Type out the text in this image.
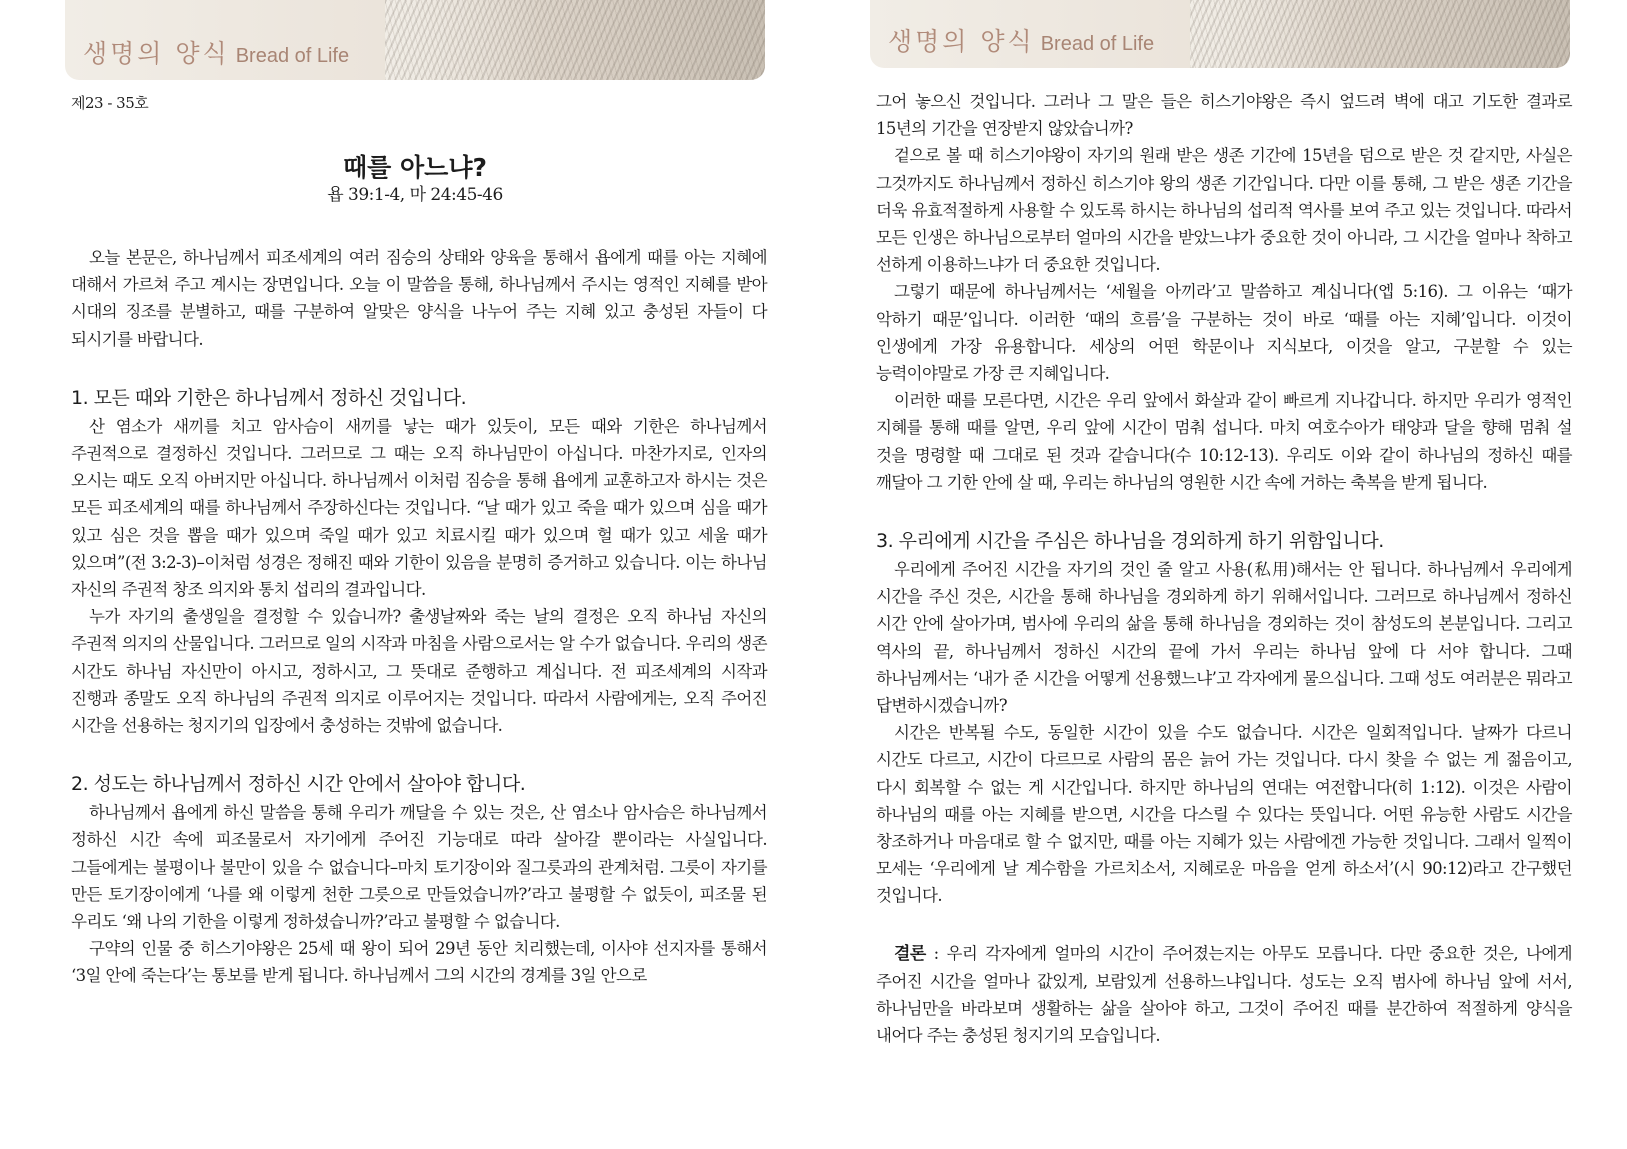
생명의 양식 Bread of Life
제23 - 35호
때를 아느냐?
욥 39:1-4, 마 24:45-46

오늘 본문은, 하나님께서 피조세계의 여러 짐승의 상태와 양육을 통해서 욥에게 때를 아는 지혜에 대해서 가르쳐 주고 계시는 장면입니다. 오늘 이 말씀을 통해, 하나님께서 주시는 영적인 지혜를 받아 시대의 징조를 분별하고, 때를 구분하여 알맞은 양식을 나누어 주는 지혜 있고 충성된 자들이 다 되시기를 바랍니다.

1. 모든 때와 기한은 하나님께서 정하신 것입니다.

산 염소가 새끼를 치고 암사슴이 새끼를 낳는 때가 있듯이, 모든 때와 기한은 하나님께서 주권적으로 결정하신 것입니다. 그러므로 그 때는 오직 하나님만이 아십니다. 마찬가지로, 인자의 오시는 때도 오직 아버지만 아십니다. 하나님께서 이처럼 짐승을 통해 욥에게 교훈하고자 하시는 것은 모든 피조세계의 때를 하나님께서 주장하신다는 것입니다. “날 때가 있고 죽을 때가 있으며 심을 때가 있고 심은 것을 뽑을 때가 있으며 죽일 때가 있고 치료시킬 때가 있으며 헐 때가 있고 세울 때가 있으며”(전 3:2-3)–이처럼 성경은 정해진 때와 기한이 있음을 분명히 증거하고 있습니다. 이는 하나님 자신의 주권적 창조 의지와 통치 섭리의 결과입니다.

누가 자기의 출생일을 결정할 수 있습니까? 출생날짜와 죽는 날의 결정은 오직 하나님 자신의 주권적 의지의 산물입니다. 그러므로 일의 시작과 마침을 사람으로서는 알 수가 없습니다. 우리의 생존 시간도 하나님 자신만이 아시고, 정하시고, 그 뜻대로 준행하고 계십니다. 전 피조세계의 시작과 진행과 종말도 오직 하나님의 주권적 의지로 이루어지는 것입니다. 따라서 사람에게는, 오직 주어진 시간을 선용하는 청지기의 입장에서 충성하는 것밖에 없습니다.

2. 성도는 하나님께서 정하신 시간 안에서 살아야 합니다.

하나님께서 욥에게 하신 말씀을 통해 우리가 깨달을 수 있는 것은, 산 염소나 암사슴은 하나님께서 정하신 시간 속에 피조물로서 자기에게 주어진 기능대로 따라 살아갈 뿐이라는 사실입니다. 그들에게는 불평이나 불만이 있을 수 없습니다–마치 토기장이와 질그릇과의 관계처럼. 그릇이 자기를 만든 토기장이에게 ‘나를 왜 이렇게 천한 그릇으로 만들었습니까?’라고 불평할 수 없듯이, 피조물 된 우리도 ‘왜 나의 기한을 이렇게 정하셨습니까?’라고 불평할 수 없습니다.

구약의 인물 중 히스기야왕은 25세 때 왕이 되어 29년 동안 치리했는데, 이사야 선지자를 통해서 ‘3일 안에 죽는다’는 통보를 받게 됩니다. 하나님께서 그의 시간의 경계를 3일 안으로

생명의 양식 Bread of Life

그어 놓으신 것입니다. 그러나 그 말은 들은 히스기야왕은 즉시 엎드려 벽에 대고 기도한 결과로 15년의 기간을 연장받지 않았습니까?

겉으로 볼 때 히스기야왕이 자기의 원래 받은 생존 기간에 15년을 덤으로 받은 것 같지만, 사실은 그것까지도 하나님께서 정하신 히스기야 왕의 생존 기간입니다. 다만 이를 통해, 그 받은 생존 기간을 더욱 유효적절하게 사용할 수 있도록 하시는 하나님의 섭리적 역사를 보여 주고 있는 것입니다. 따라서 모든 인생은 하나님으로부터 얼마의 시간을 받았느냐가 중요한 것이 아니라, 그 시간을 얼마나 착하고 선하게 이용하느냐가 더 중요한 것입니다.

그렇기 때문에 하나님께서는 ‘세월을 아끼라’고 말씀하고 계십니다(엡 5:16). 그 이유는 ‘때가 악하기 때문’입니다. 이러한 ‘때의 흐름’을 구분하는 것이 바로 ‘때를 아는 지혜’입니다. 이것이 인생에게 가장 유용합니다. 세상의 어떤 학문이나 지식보다, 이것을 알고, 구분할 수 있는 능력이야말로 가장 큰 지혜입니다.

이러한 때를 모른다면, 시간은 우리 앞에서 화살과 같이 빠르게 지나갑니다. 하지만 우리가 영적인 지혜를 통해 때를 알면, 우리 앞에 시간이 멈춰 섭니다. 마치 여호수아가 태양과 달을 향해 멈춰 설 것을 명령할 때 그대로 된 것과 같습니다(수 10:12-13). 우리도 이와 같이 하나님의 정하신 때를 깨달아 그 기한 안에 살 때, 우리는 하나님의 영원한 시간 속에 거하는 축복을 받게 됩니다.

3. 우리에게 시간을 주심은 하나님을 경외하게 하기 위함입니다.

우리에게 주어진 시간을 자기의 것인 줄 알고 사용(私用)해서는 안 됩니다. 하나님께서 우리에게 시간을 주신 것은, 시간을 통해 하나님을 경외하게 하기 위해서입니다. 그러므로 하나님께서 정하신 시간 안에 살아가며, 범사에 우리의 삶을 통해 하나님을 경외하는 것이 참성도의 본분입니다. 그리고 역사의 끝, 하나님께서 정하신 시간의 끝에 가서 우리는 하나님 앞에 다 서야 합니다. 그때 하나님께서는 ‘내가 준 시간을 어떻게 선용했느냐’고 각자에게 물으십니다. 그때 성도 여러분은 뭐라고 답변하시겠습니까?

시간은 반복될 수도, 동일한 시간이 있을 수도 없습니다. 시간은 일회적입니다. 날짜가 다르니 시간도 다르고, 시간이 다르므로 사람의 몸은 늙어 가는 것입니다. 다시 찾을 수 없는 게 젊음이고, 다시 회복할 수 없는 게 시간입니다. 하지만 하나님의 연대는 여전합니다(히 1:12). 이것은 사람이 하나님의 때를 아는 지혜를 받으면, 시간을 다스릴 수 있다는 뜻입니다. 어떤 유능한 사람도 시간을 창조하거나 마음대로 할 수 없지만, 때를 아는 지혜가 있는 사람에겐 가능한 것입니다. 그래서 일찍이 모세는 ‘우리에게 날 계수함을 가르치소서, 지혜로운 마음을 얻게 하소서’(시 90:12)라고 간구했던 것입니다.

결론 : 우리 각자에게 얼마의 시간이 주어졌는지는 아무도 모릅니다. 다만 중요한 것은, 나에게 주어진 시간을 얼마나 값있게, 보람있게 선용하느냐입니다. 성도는 오직 범사에 하나님 앞에 서서, 하나님만을 바라보며 생활하는 삶을 살아야 하고, 그것이 주어진 때를 분간하여 적절하게 양식을 내어다 주는 충성된 청지기의 모습입니다.
